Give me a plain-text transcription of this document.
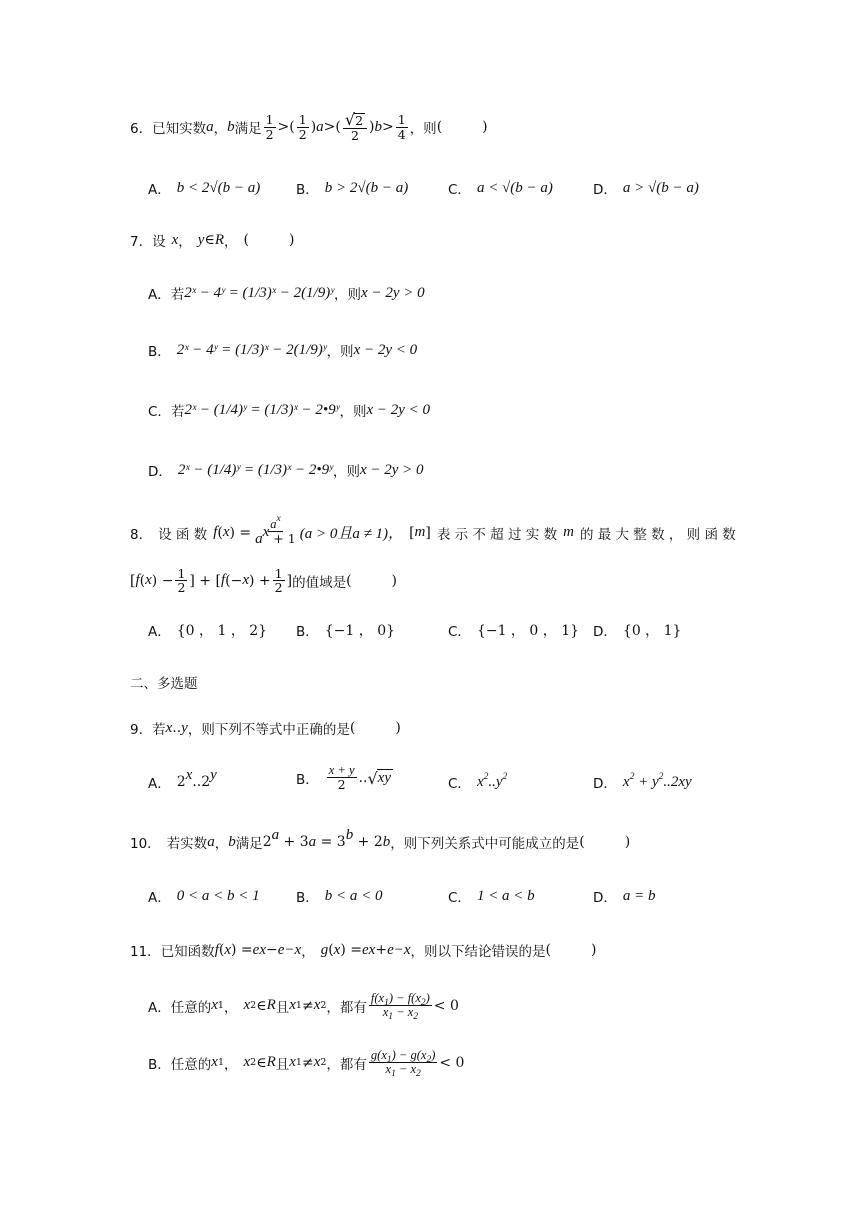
6． 已知实数 a ， b 满足 $\frac{1}{2}$ > ( $\frac{1}{2}$ ) a > ( $\frac{√ 2}{2}$ ) $b > \frac{1}{4}$ ，则 (	)
A． b < 2√(b − a)	B． b > 2√(b − a)	C． a < √(b − a)	D． a > √(b − a)
7． 设 x ， y ∈ R ， (	)
A． 若 2ˣ − 4ʸ = (1/3)ˣ − 2(1/9)ʸ ，则 x − 2y > 0
B． 2ˣ − 4ʸ = (1/3)ˣ − 2(1/9)ʸ ，则 x − 2y < 0
C． 若 2ˣ − (1/4)ʸ = (1/3)ˣ − 2•9ʸ ，则 x − 2y < 0
D． 2ˣ − (1/4)ʸ = (1/3)ˣ − 2•9ʸ ，则 x − 2y > 0
8． 设 函 数 f ( x ) = $\frac{a^x}{a^x + 1} (a > 0$且a ≠ 1)， [ m ] 表 示 不 超 过 实 数 m 的 最 大 整 数 ， 则 函 数
[ f ( x ) − $\frac{1}{2}$ ] + [ f (− x ) + $\frac{1}{2}$ ] 的值域是 (	)
A． {0 ， 1 ， 2} B． {−1 ， 0}	C． {−1 ， 0 ， 1} D． {0 ， 1}
二、多选题
9． 若 x .. y ，则下列不等式中正确的是 (	)
A． 2$^x$..2$^y$	B． $\frac{x + y}{2}$ .. √ xy	C． $x^2..y^2$	D． $x^2 + y^2..2xy$
10． 若实数 a ， b 满足 $2^a + 3a = 3^b + 2b$ ，则下列关系式中可能成立的是 (	)
A． 0 < a < b < 1	B． b < a < 0	C． 1 < a < b	D． a = b
11． 已知函数 f ( x ) = e x − e −x ， g ( x ) = e x + e −x ，则以下结论错误的是 (	)
A． 任意的 x 1 ， x 2 ∈ R 且 x 1 ≠ x 2 ，都有 $\frac{f(x_1) - f(x_2)}{x_1 - x_2} < 0$
B． 任意的 x 1 ， x 2 ∈ R 且 x 1 ≠ x 2 ，都有 $\frac{g(x_1) - g(x_2)}{x_1 - x_2} < 0$
